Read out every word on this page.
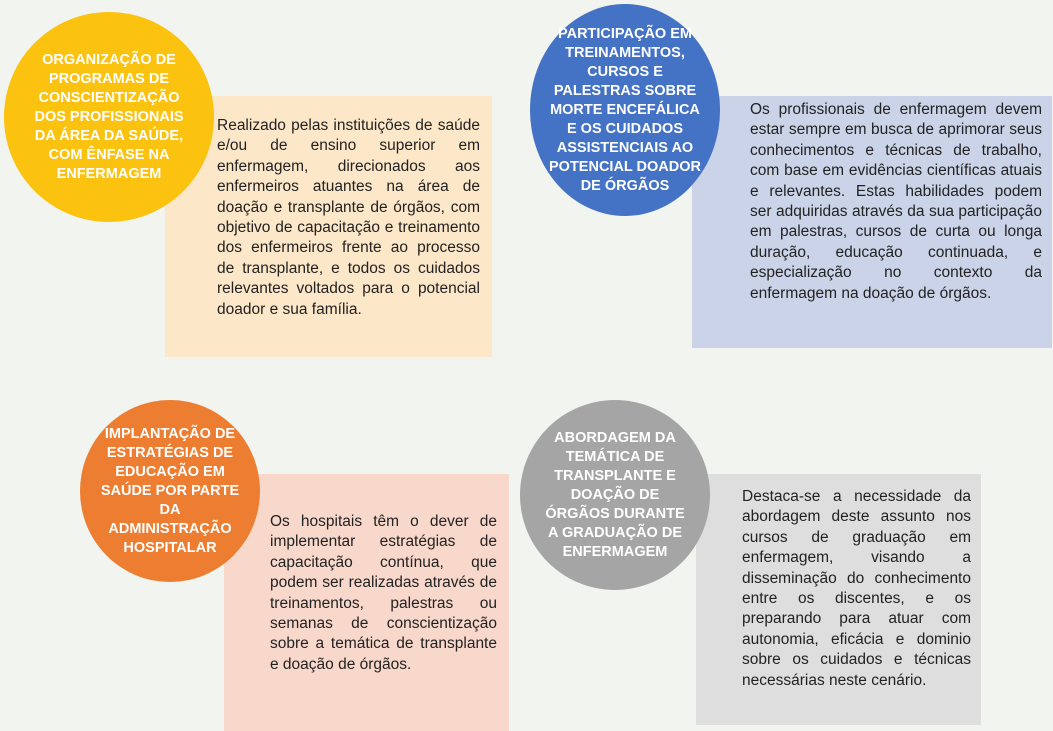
Realizado pelas instituições de saúde e/ou de ensino superior em enfermagem, direcionados aos enfermeiros atuantes na área de doação e transplante de órgãos, com objetivo de capacitação e treinamento dos enfermeiros frente ao processo de transplante, e todos os cuidados relevantes voltados para o potencial doador e sua família.
ORGANIZAÇÃO DE PROGRAMAS DE CONSCIENTIZAÇÃO DOS PROFISSIONAIS DA ÁREA DA SAÚDE, COM ÊNFASE NA ENFERMAGEM
Os profissionais de enfermagem devem estar sempre em busca de aprimorar seus conhecimentos e técnicas de trabalho, com base em evidências científicas atuais e relevantes. Estas habilidades podem ser adquiridas através da sua participação em palestras, cursos de curta ou longa duração, educação continuada, e especialização no contexto da enfermagem na doação de órgãos.
PARTICIPAÇÃO EM TREINAMENTOS, CURSOS E PALESTRAS SOBRE MORTE ENCEFÁLICA E OS CUIDADOS ASSISTENCIAIS AO POTENCIAL DOADOR DE ÓRGÃOS
Os hospitais têm o dever de implementar estratégias de capacitação contínua, que podem ser realizadas através de treinamentos, palestras ou semanas de conscientização sobre a temática de transplante e doação de órgãos.
IMPLANTAÇÃO DE ESTRATÉGIAS DE EDUCAÇÃO EM SAÚDE POR PARTE DA ADMINISTRAÇÃO HOSPITALAR
Destaca-se a necessidade da abordagem deste assunto nos cursos de graduação em enfermagem, visando a disseminação do conhecimento entre os discentes, e os preparando para atuar com autonomia, eficácia e dominio sobre os cuidados e técnicas necessárias neste cenário.
ABORDAGEM DA TEMÁTICA DE TRANSPLANTE E DOAÇÃO DE ÓRGÃOS DURANTE A GRADUAÇÃO DE ENFERMAGEM
